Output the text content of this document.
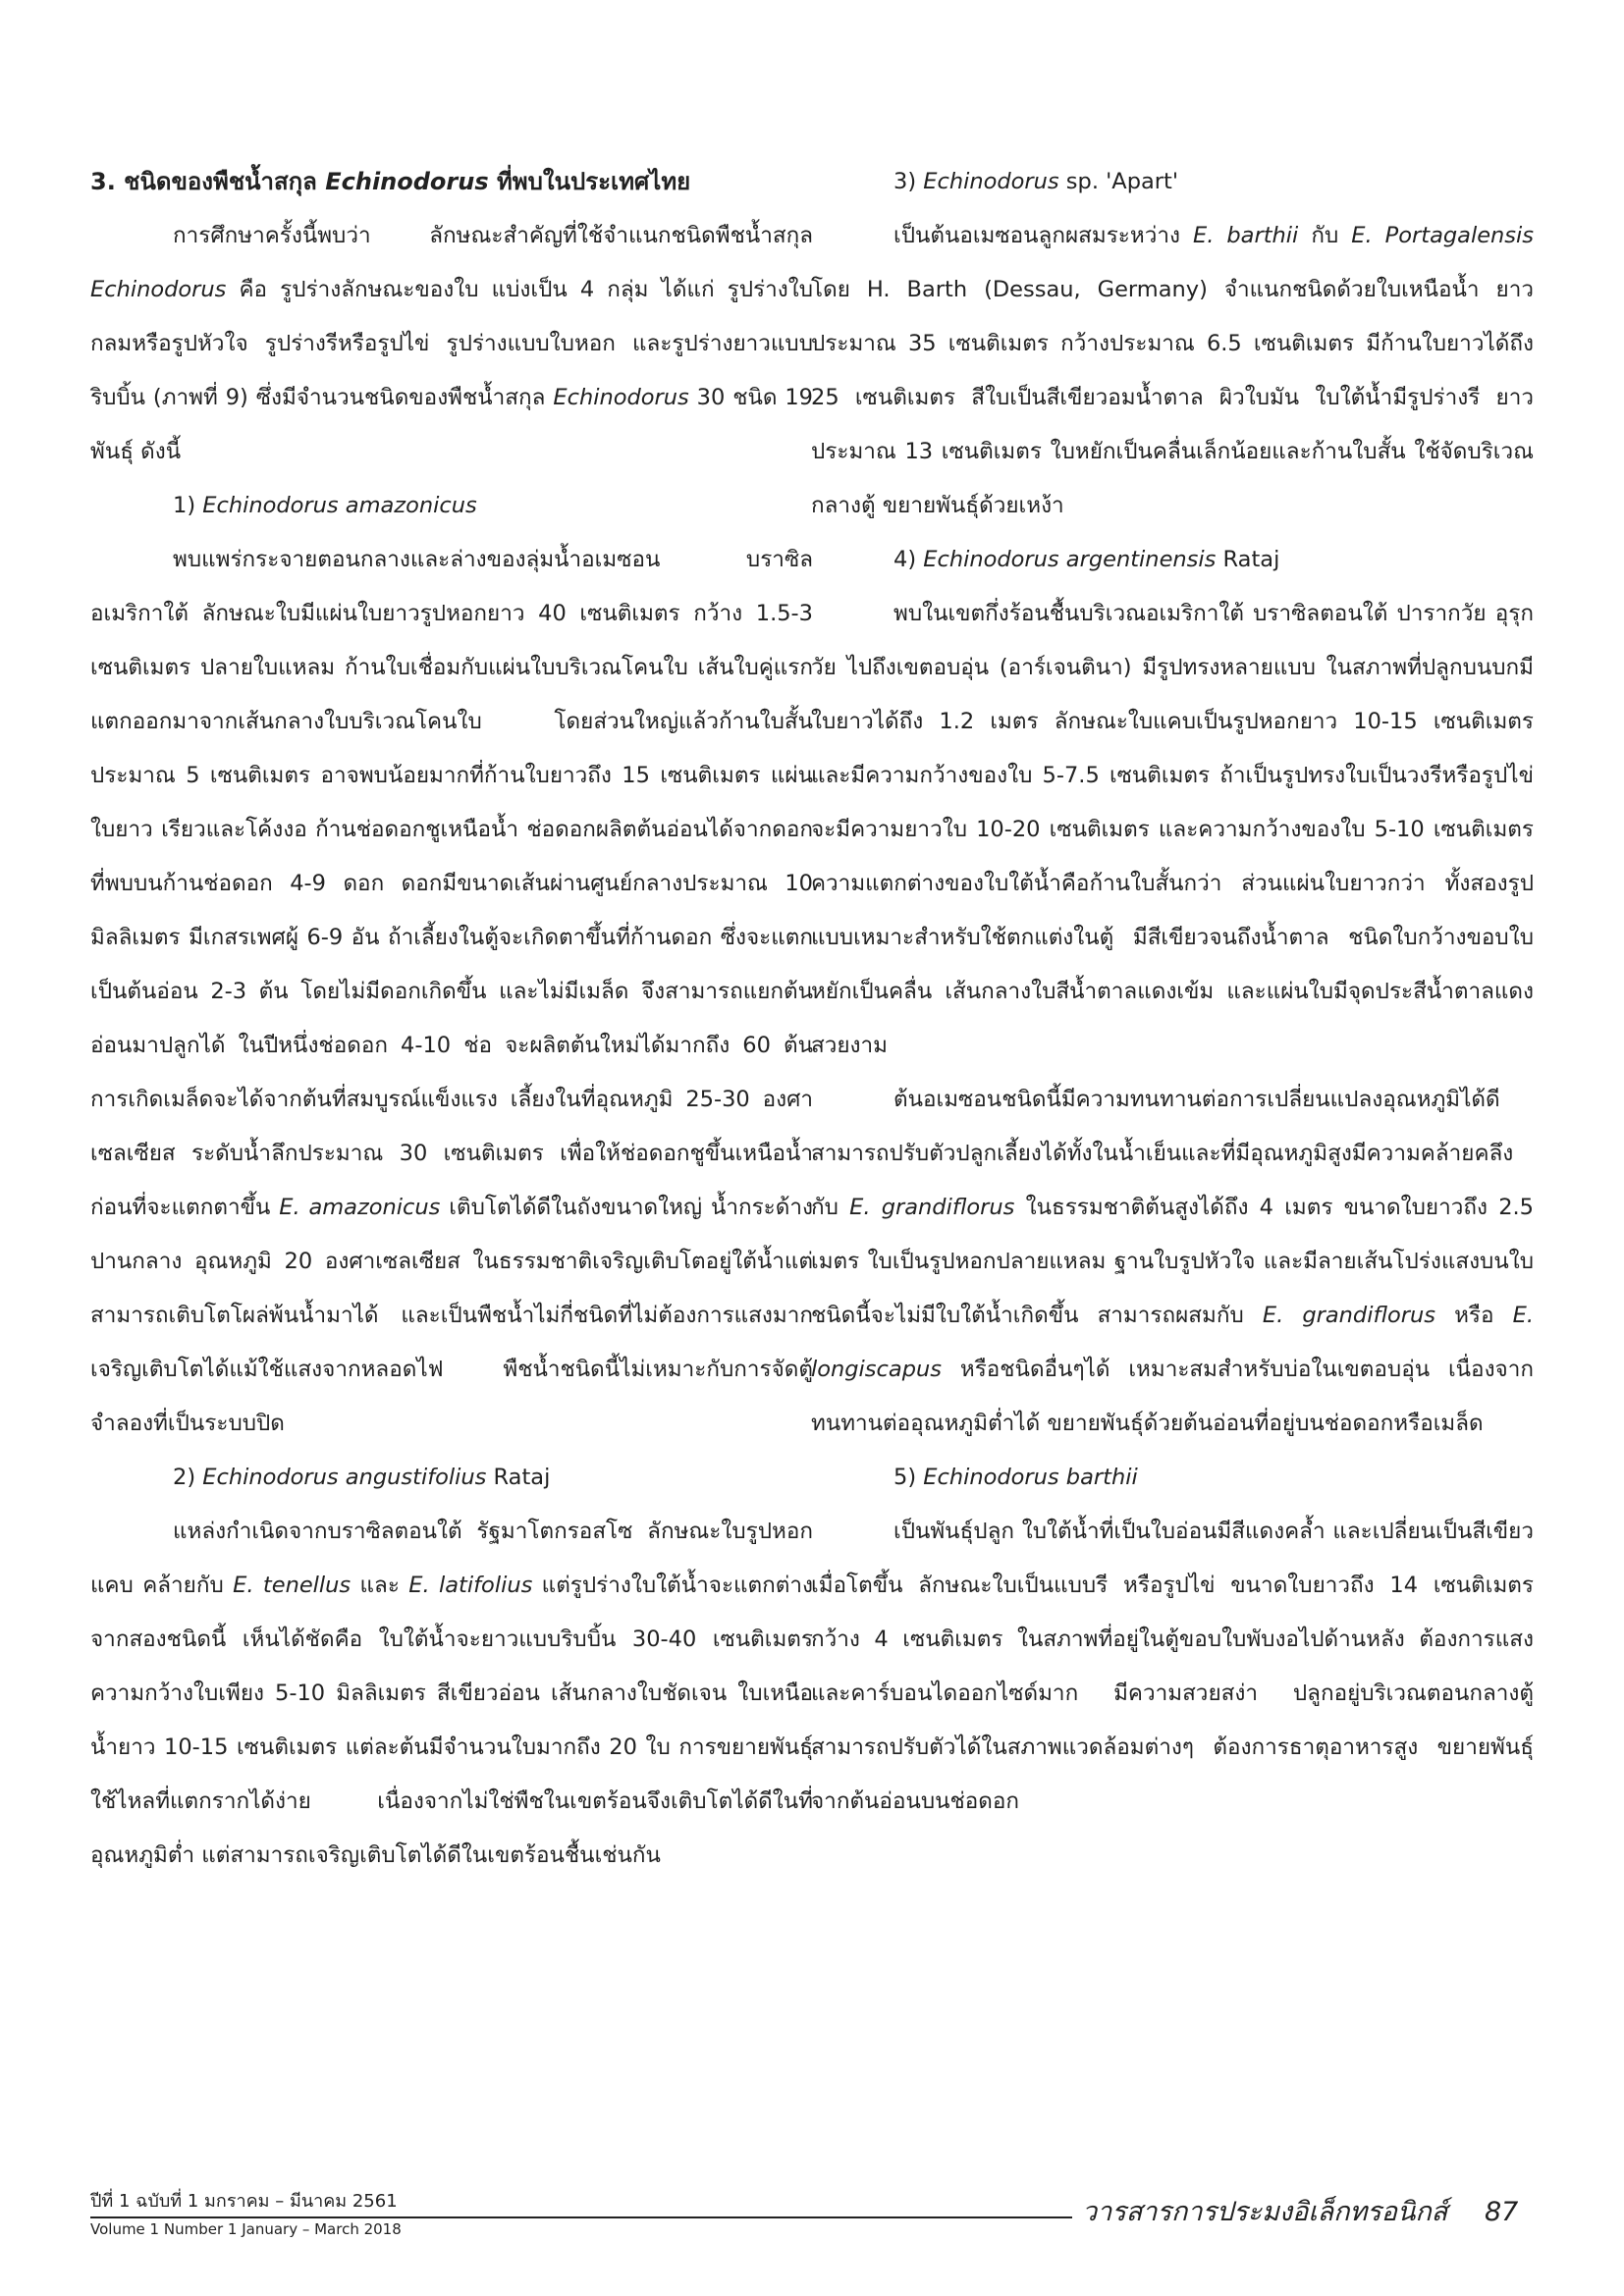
3. ชนิดของพืชน้ำสกุล Echinodorus ที่พบในประเทศไทย

การศึกษาครั้งนี้พบว่า ลักษณะสำคัญที่ใช้จำแนกชนิดพืชน้ำสกุล Echinodorus คือ รูปร่างลักษณะของใบ แบ่งเป็น 4 กลุ่ม ได้แก่ รูปร่างใบกลมหรือรูปหัวใจ รูปร่างรีหรือรูปไข่ รูปร่างแบบใบหอก และรูปร่างยาวแบบริบบิ้น (ภาพที่ 9) ซึ่งมีจำนวนชนิดของพืชน้ำสกุล Echinodorus 30 ชนิด 19 พันธุ์ ดังนี้

1) Echinodorus amazonicus

พบแพร่กระจายตอนกลางและล่างของลุ่มน้ำอเมซอน บราซิล อเมริกาใต้ ลักษณะใบมีแผ่นใบยาวรูปหอกยาว 40 เซนติเมตร กว้าง 1.5-3 เซนติเมตร ปลายใบแหลม ก้านใบเชื่อมกับแผ่นใบบริเวณโคนใบ เส้นใบคู่แรกแตกออกมาจากเส้นกลางใบบริเวณโคนใบ โดยส่วนใหญ่แล้วก้านใบสั้นประมาณ 5 เซนติเมตร อาจพบน้อยมากที่ก้านใบยาวถึง 15 เซนติเมตร แผ่นใบยาว เรียวและโค้งงอ ก้านช่อดอกชูเหนือน้ำ ช่อดอกผลิตต้นอ่อนได้จากดอกที่พบบนก้านช่อดอก 4-9 ดอก ดอกมีขนาดเส้นผ่านศูนย์กลางประมาณ 10 มิลลิเมตร มีเกสรเพศผู้ 6-9 อัน ถ้าเลี้ยงในตู้จะเกิดตาขึ้นที่ก้านดอก ซึ่งจะแตกเป็นต้นอ่อน 2-3 ต้น โดยไม่มีดอกเกิดขึ้น และไม่มีเมล็ด จึงสามารถแยกต้นอ่อนมาปลูกได้ ในปีหนึ่งช่อดอก 4-10 ช่อ จะผลิตต้นใหม่ได้มากถึง 60 ต้น การเกิดเมล็ดจะได้จากต้นที่สมบูรณ์แข็งแรง เลี้ยงในที่อุณหภูมิ 25-30 องศาเซลเซียส ระดับน้ำลึกประมาณ 30 เซนติเมตร เพื่อให้ช่อดอกชูขึ้นเหนือน้ำก่อนที่จะแตกตาขึ้น E. amazonicus เติบโตได้ดีในถังขนาดใหญ่ น้ำกระด้างปานกลาง อุณหภูมิ 20 องศาเซลเซียส ในธรรมชาติเจริญเติบโตอยู่ใต้น้ำแต่สามารถเติบโตโผล่พ้นน้ำมาได้ และเป็นพืชน้ำไม่กี่ชนิดที่ไม่ต้องการแสงมาก เจริญเติบโตได้แม้ใช้แสงจากหลอดไฟ พืชน้ำชนิดนี้ไม่เหมาะกับการจัดตู้จำลองที่เป็นระบบปิด

2) Echinodorus angustifolius Rataj

แหล่งกำเนิดจากบราซิลตอนใต้ รัฐมาโตกรอสโซ ลักษณะใบรูปหอกแคบ คล้ายกับ E. tenellus และ E. latifolius แต่รูปร่างใบใต้น้ำจะแตกต่างจากสองชนิดนี้ เห็นได้ชัดคือ ใบใต้น้ำจะยาวแบบริบบิ้น 30-40 เซนติเมตร ความกว้างใบเพียง 5-10 มิลลิเมตร สีเขียวอ่อน เส้นกลางใบชัดเจน ใบเหนือน้ำยาว 10-15 เซนติเมตร แต่ละต้นมีจำนวนใบมากถึง 20 ใบ การขยายพันธุ์ใช้ไหลที่แตกรากได้ง่าย เนื่องจากไม่ใช่พืชในเขตร้อนจึงเติบโตได้ดีในที่อุณหภูมิต่ำ แต่สามารถเจริญเติบโตได้ดีในเขตร้อนชื้นเช่นกัน

3) Echinodorus sp. 'Apart'

เป็นต้นอเมซอนลูกผสมระหว่าง E. barthii กับ E. Portagalensis โดย H. Barth (Dessau, Germany) จำแนกชนิดด้วยใบเหนือน้ำ ยาวประมาณ 35 เซนติเมตร กว้างประมาณ 6.5 เซนติเมตร มีก้านใบยาวได้ถึง 25 เซนติเมตร สีใบเป็นสีเขียวอมน้ำตาล ผิวใบมัน ใบใต้น้ำมีรูปร่างรี ยาวประมาณ 13 เซนติเมตร ใบหยักเป็นคลื่นเล็กน้อยและก้านใบสั้น ใช้จัดบริเวณกลางตู้ ขยายพันธุ์ด้วยเหง้า

4) Echinodorus argentinensis Rataj

พบในเขตกึ่งร้อนชื้นบริเวณอเมริกาใต้ บราซิลตอนใต้ ปารากวัย อุรุกวัย ไปถึงเขตอบอุ่น (อาร์เจนตินา) มีรูปทรงหลายแบบ ในสภาพที่ปลูกบนบกมีใบยาวได้ถึง 1.2 เมตร ลักษณะใบแคบเป็นรูปหอกยาว 10-15 เซนติเมตร และมีความกว้างของใบ 5-7.5 เซนติเมตร ถ้าเป็นรูปทรงใบเป็นวงรีหรือรูปไข่จะมีความยาวใบ 10-20 เซนติเมตร และความกว้างของใบ 5-10 เซนติเมตร ความแตกต่างของใบใต้น้ำคือก้านใบสั้นกว่า ส่วนแผ่นใบยาวกว่า ทั้งสองรูปแบบเหมาะสำหรับใช้ตกแต่งในตู้ มีสีเขียวจนถึงน้ำตาล ชนิดใบกว้างขอบใบหยักเป็นคลื่น เส้นกลางใบสีน้ำตาลแดงเข้ม และแผ่นใบมีจุดประสีน้ำตาลแดงสวยงาม

ต้นอเมซอนชนิดนี้มีความทนทานต่อการเปลี่ยนแปลงอุณหภูมิได้ดี สามารถปรับตัวปลูกเลี้ยงได้ทั้งในน้ำเย็นและที่มีอุณหภูมิสูงมีความคล้ายคลึงกับ E. grandiflorus ในธรรมชาติต้นสูงได้ถึง 4 เมตร ขนาดใบยาวถึง 2.5 เมตร ใบเป็นรูปหอกปลายแหลม ฐานใบรูปหัวใจ และมีลายเส้นโปร่งแสงบนใบ ชนิดนี้จะไม่มีใบใต้น้ำเกิดขึ้น สามารถผสมกับ E. grandiflorus หรือ E. longiscapus หรือชนิดอื่นๆได้ เหมาะสมสำหรับบ่อในเขตอบอุ่น เนื่องจากทนทานต่ออุณหภูมิต่ำได้ ขยายพันธุ์ด้วยต้นอ่อนที่อยู่บนช่อดอกหรือเมล็ด

5) Echinodorus barthii

เป็นพันธุ์ปลูก ใบใต้น้ำที่เป็นใบอ่อนมีสีแดงคล้ำ และเปลี่ยนเป็นสีเขียวเมื่อโตขึ้น ลักษณะใบเป็นแบบรี หรือรูปไข่ ขนาดใบยาวถึง 14 เซนติเมตร กว้าง 4 เซนติเมตร ในสภาพที่อยู่ในตู้ขอบใบพับงอไปด้านหลัง ต้องการแสงและคาร์บอนไดออกไซด์มาก มีความสวยสง่า ปลูกอยู่บริเวณตอนกลางตู้ สามารถปรับตัวได้ในสภาพแวดล้อมต่างๆ ต้องการธาตุอาหารสูง ขยายพันธุ์จากต้นอ่อนบนช่อดอก

ปีที่ 1 ฉบับที่ 1 มกราคม – มีนาคม 2561
Volume 1 Number 1 January – March 2018
วารสารการประมงอิเล็กทรอนิกส์ 87
